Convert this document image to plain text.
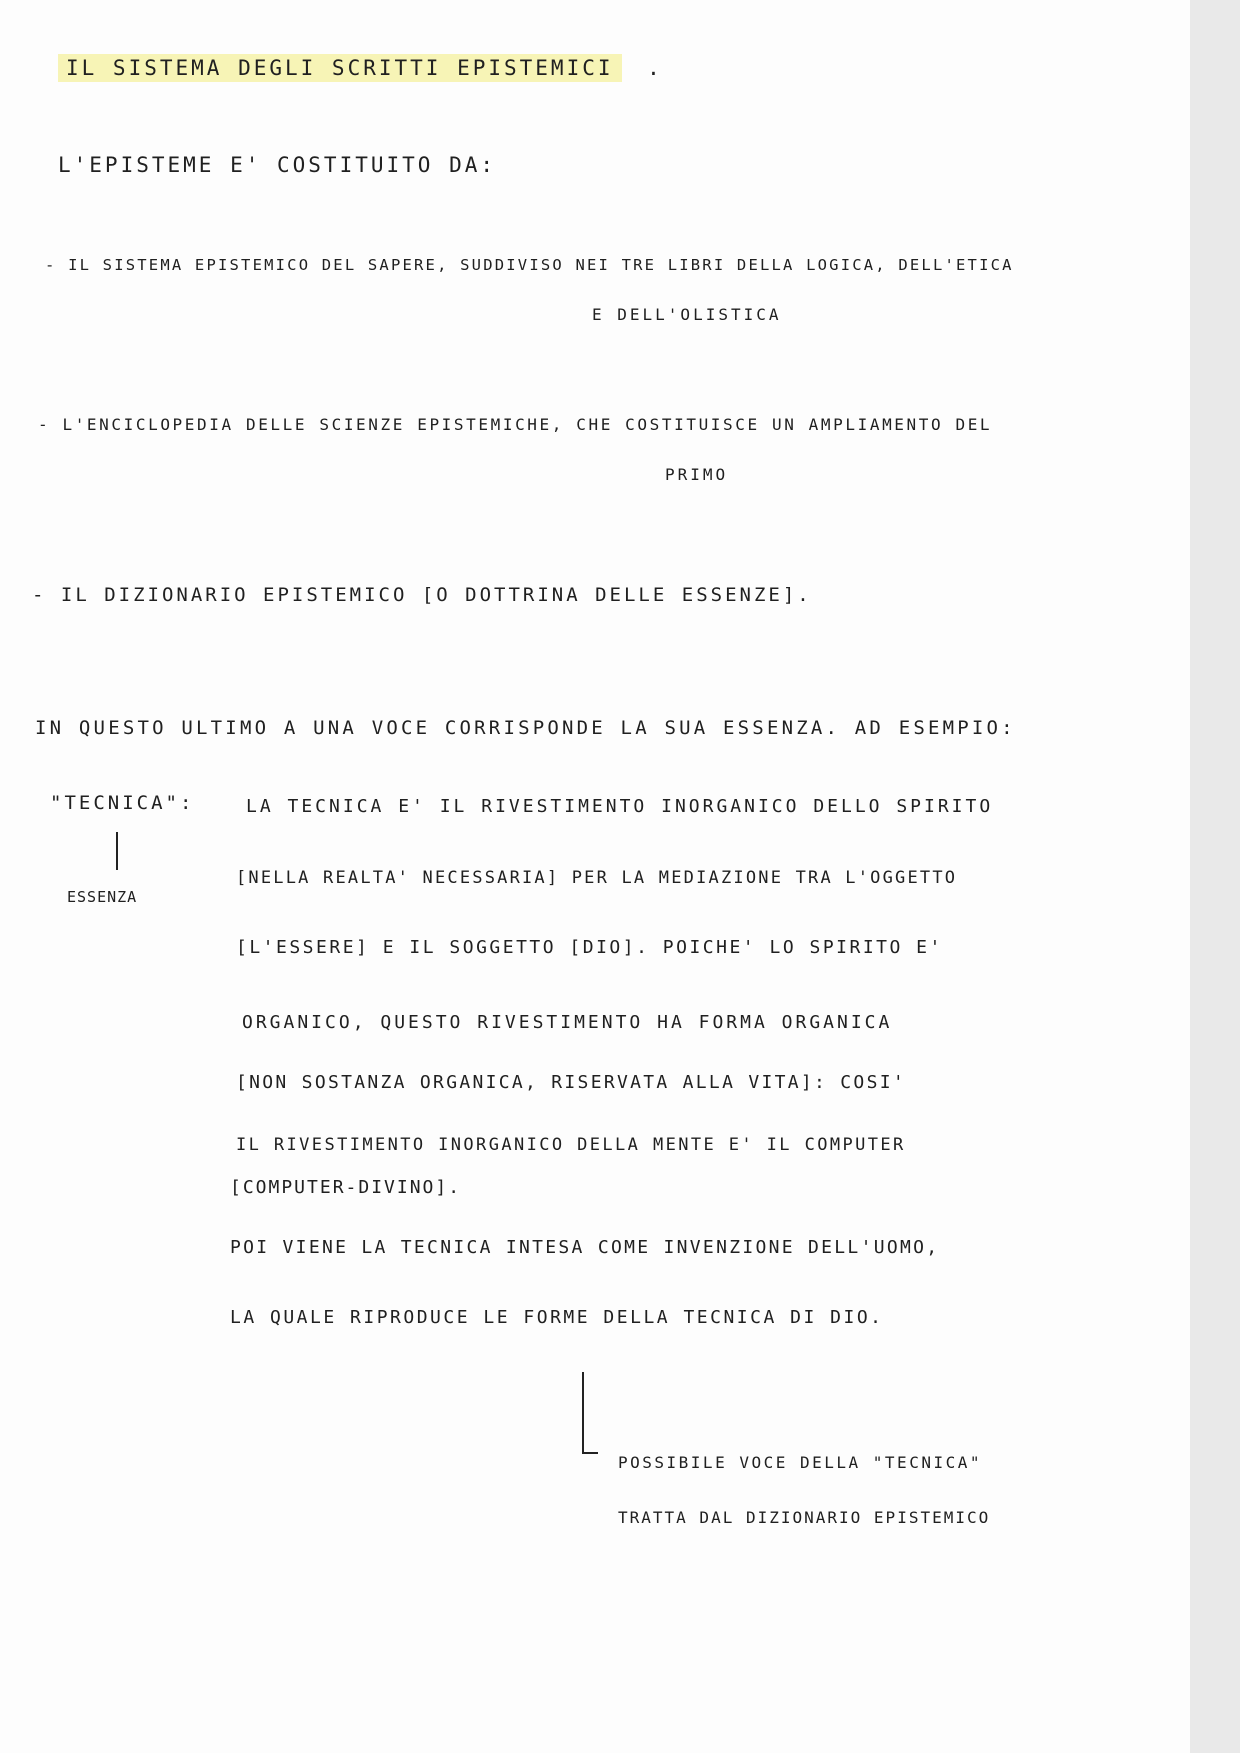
IL SISTEMA DEGLI SCRITTI EPISTEMICI .
L'EPISTEME E' COSTITUITO DA:
- IL SISTEMA EPISTEMICO DEL SAPERE, SUDDIVISO NEI TRE LIBRI DELLA LOGICA, DELL'ETICA
E DELL'OLISTICA
- L'ENCICLOPEDIA DELLE SCIENZE EPISTEMICHE, CHE COSTITUISCE UN AMPLIAMENTO DEL
PRIMO
- IL DIZIONARIO EPISTEMICO [O DOTTRINA DELLE ESSENZE].
IN QUESTO ULTIMO A UNA VOCE CORRISPONDE LA SUA ESSENZA. AD ESEMPIO:
"TECNICA":
ESSENZA
LA TECNICA E' IL RIVESTIMENTO INORGANICO DELLO SPIRITO
[NELLA REALTA' NECESSARIA] PER LA MEDIAZIONE TRA L'OGGETTO
[L'ESSERE] E IL SOGGETTO [DIO]. POICHE' LO SPIRITO E'
ORGANICO, QUESTO RIVESTIMENTO HA FORMA ORGANICA
[NON SOSTANZA ORGANICA, RISERVATA ALLA VITA]: COSI'
IL RIVESTIMENTO INORGANICO DELLA MENTE E' IL COMPUTER
[COMPUTER-DIVINO].
POI VIENE LA TECNICA INTESA COME INVENZIONE DELL'UOMO,
LA QUALE RIPRODUCE LE FORME DELLA TECNICA DI DIO.
POSSIBILE VOCE DELLA "TECNICA"
TRATTA DAL DIZIONARIO EPISTEMICO
